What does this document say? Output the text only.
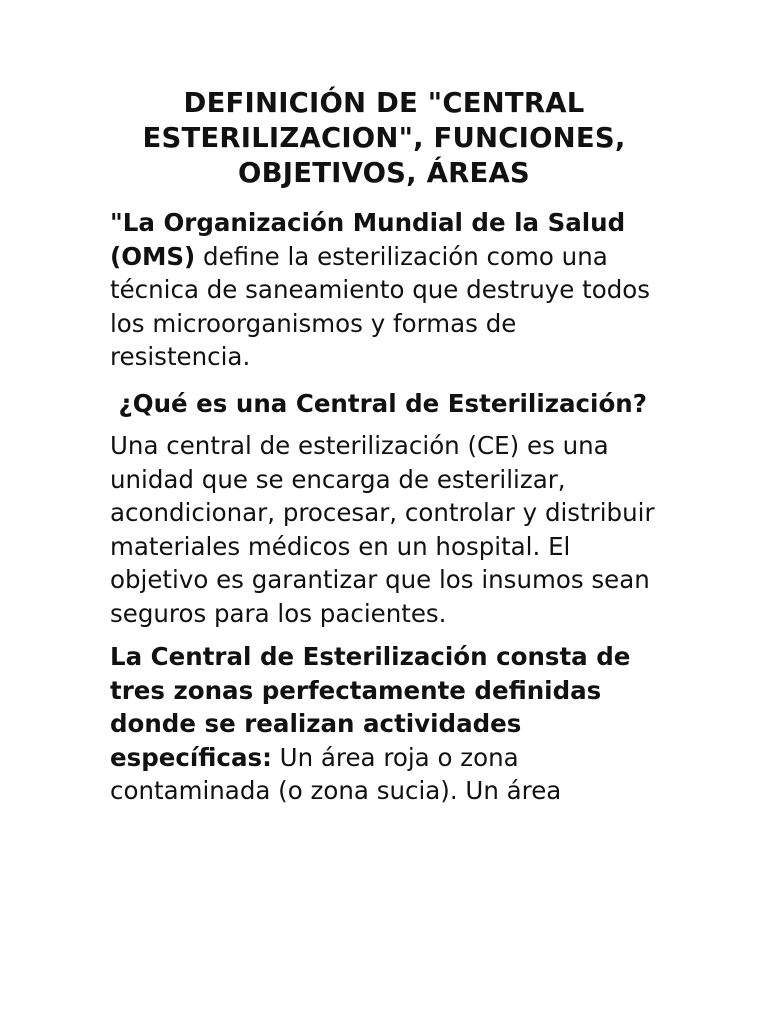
DEFINICIÓN DE "CENTRAL ESTERILIZACION", FUNCIONES, OBJETIVOS, ÁREAS

"La Organización Mundial de la Salud (OMS) define la esterilización como una técnica de saneamiento que destruye todos los microorganismos y formas de resistencia.

¿Qué es una Central de Esterilización?

Una central de esterilización (CE) es una unidad que se encarga de esterilizar, acondicionar, procesar, controlar y distribuir materiales médicos en un hospital. El objetivo es garantizar que los insumos sean seguros para los pacientes.

La Central de Esterilización consta de tres zonas perfectamente definidas donde se realizan actividades específicas: Un área roja o zona contaminada (o zona sucia). Un área
